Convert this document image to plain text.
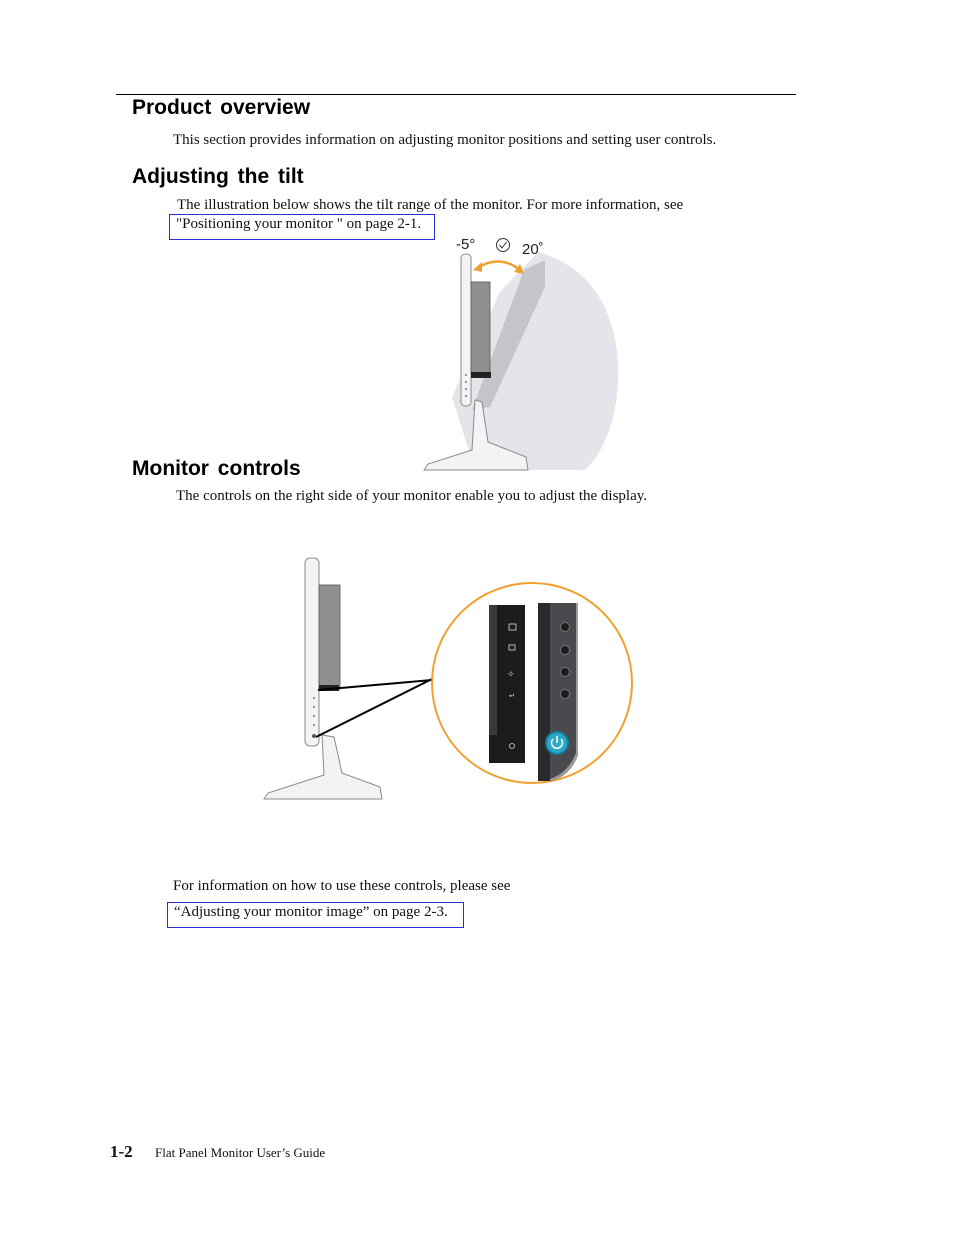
Product overview

This section provides information on adjusting monitor positions and setting user controls.

Adjusting the tilt

The illustration below shows the tilt range of the monitor. For more information, see

"Positioning your monitor " on page 2-1.
-5°	20˚
Monitor controls

The controls on the right side of your monitor enable you to adjust the display.

✧
↵

For information on how to use these controls, please see

“Adjusting your monitor image” on page 2-3.
1-2 Flat Panel Monitor User’s Guide
